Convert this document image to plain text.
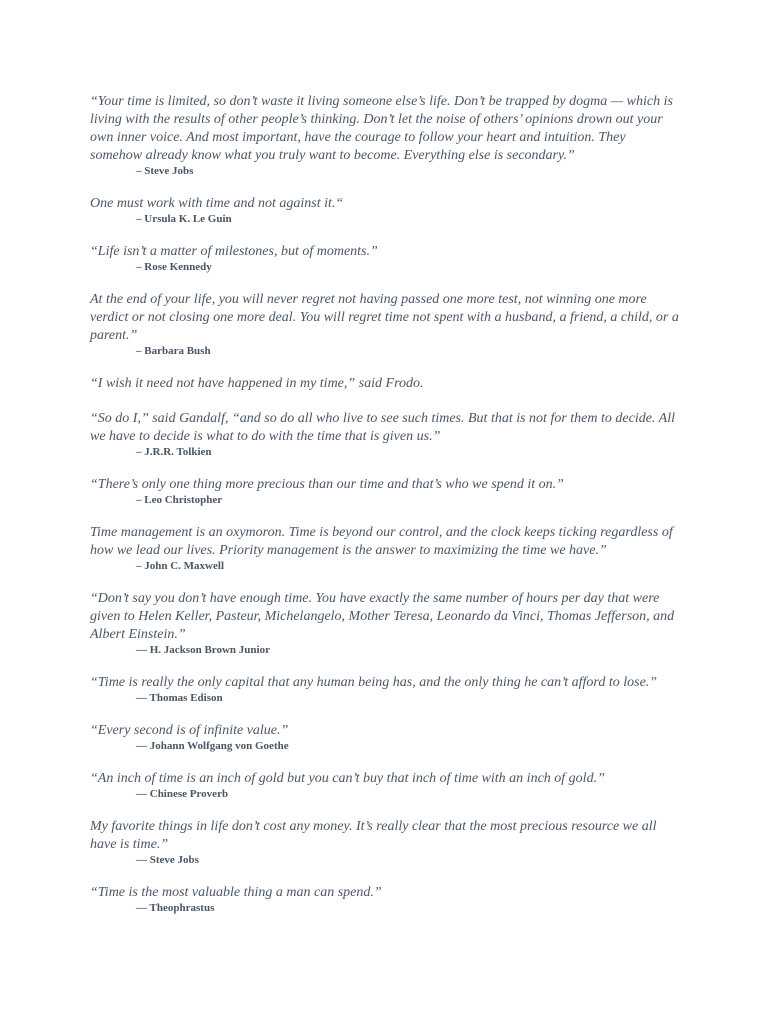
“Your time is limited, so don’t waste it living someone else’s life. Don’t be trapped by dogma — which is living with the results of other people’s thinking. Don’t let the noise of others’ opinions drown out your own inner voice. And most important, have the courage to follow your heart and intuition. They somehow already know what you truly want to become. Everything else is secondary.”

– Steve Jobs

One must work with time and not against it.“

– Ursula K. Le Guin

“Life isn’t a matter of milestones, but of moments.”

– Rose Kennedy

At the end of your life, you will never regret not having passed one more test, not winning one more verdict or not closing one more deal. You will regret time not spent with a husband, a friend, a child, or a parent.”

– Barbara Bush

“I wish it need not have happened in my time,” said Frodo.

“So do I,” said Gandalf, “and so do all who live to see such times. But that is not for them to decide. All we have to decide is what to do with the time that is given us.”

– J.R.R. Tolkien

“There’s only one thing more precious than our time and that’s who we spend it on.”

– Leo Christopher

Time management is an oxymoron. Time is beyond our control, and the clock keeps ticking regardless of how we lead our lives. Priority management is the answer to maximizing the time we have.”

– John C. Maxwell

“Don’t say you don’t have enough time. You have exactly the same number of hours per day that were given to Helen Keller, Pasteur, Michelangelo, Mother Teresa, Leonardo da Vinci, Thomas Jefferson, and Albert Einstein.”

— H. Jackson Brown Junior

“Time is really the only capital that any human being has, and the only thing he can’t afford to lose.”

— Thomas Edison

“Every second is of infinite value.”

— Johann Wolfgang von Goethe

“An inch of time is an inch of gold but you can’t buy that inch of time with an inch of gold.”

— Chinese Proverb

My favorite things in life don’t cost any money. It’s really clear that the most precious resource we all have is time.”

— Steve Jobs

“Time is the most valuable thing a man can spend.”

— Theophrastus
